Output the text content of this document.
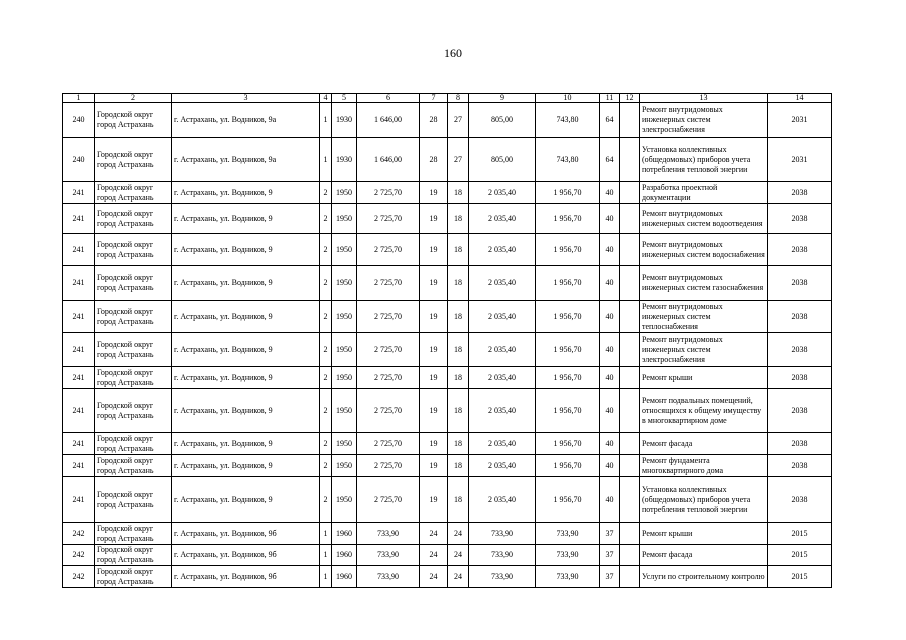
160
1	2	3	4	5	6	7	8	9	10	11	12	13	14
240	Городской округ город Астрахань	г. Астрахань, ул. Водников, 9а	1	1930	1 646,00	28	27	805,00	743,80	64		Ремонт внутридомовых инженерных систем электроснабжения	2031
240	Городской округ город Астрахань	г. Астрахань, ул. Водников, 9а	1	1930	1 646,00	28	27	805,00	743,80	64		Установка коллективных (общедомовых) приборов учета потребления тепловой энергии	2031
241	Городской округ город Астрахань	г. Астрахань, ул. Водников, 9	2	1950	2 725,70	19	18	2 035,40	1 956,70	40		Разработка проектной документации	2038
241	Городской округ город Астрахань	г. Астрахань, ул. Водников, 9	2	1950	2 725,70	19	18	2 035,40	1 956,70	40		Ремонт внутридомовых инженерных систем водоотведения	2038
241	Городской округ город Астрахань	г. Астрахань, ул. Водников, 9	2	1950	2 725,70	19	18	2 035,40	1 956,70	40		Ремонт внутридомовых инженерных систем водоснабжения	2038
241	Городской округ город Астрахань	г. Астрахань, ул. Водников, 9	2	1950	2 725,70	19	18	2 035,40	1 956,70	40		Ремонт внутридомовых инженерных систем газоснабжения	2038
241	Городской округ город Астрахань	г. Астрахань, ул. Водников, 9	2	1950	2 725,70	19	18	2 035,40	1 956,70	40		Ремонт внутридомовых инженерных систем теплоснабжения	2038
241	Городской округ город Астрахань	г. Астрахань, ул. Водников, 9	2	1950	2 725,70	19	18	2 035,40	1 956,70	40		Ремонт внутридомовых инженерных систем электроснабжения	2038
241	Городской округ город Астрахань	г. Астрахань, ул. Водников, 9	2	1950	2 725,70	19	18	2 035,40	1 956,70	40		Ремонт крыши	2038
241	Городской округ город Астрахань	г. Астрахань, ул. Водников, 9	2	1950	2 725,70	19	18	2 035,40	1 956,70	40		Ремонт подвальных помещений, относящихся к общему имуществу в многоквартирном доме	2038
241	Городской округ город Астрахань	г. Астрахань, ул. Водников, 9	2	1950	2 725,70	19	18	2 035,40	1 956,70	40		Ремонт фасада	2038
241	Городской округ город Астрахань	г. Астрахань, ул. Водников, 9	2	1950	2 725,70	19	18	2 035,40	1 956,70	40		Ремонт фундамента многоквартирного дома	2038
241	Городской округ город Астрахань	г. Астрахань, ул. Водников, 9	2	1950	2 725,70	19	18	2 035,40	1 956,70	40		Установка коллективных (общедомовых) приборов учета потребления тепловой энергии	2038
242	Городской округ город Астрахань	г. Астрахань, ул. Водников, 9б	1	1960	733,90	24	24	733,90	733,90	37		Ремонт крыши	2015
242	Городской округ город Астрахань	г. Астрахань, ул. Водников, 9б	1	1960	733,90	24	24	733,90	733,90	37		Ремонт фасада	2015
242	Городской округ город Астрахань	г. Астрахань, ул. Водников, 9б	1	1960	733,90	24	24	733,90	733,90	37		Услуги по строительному контролю	2015
